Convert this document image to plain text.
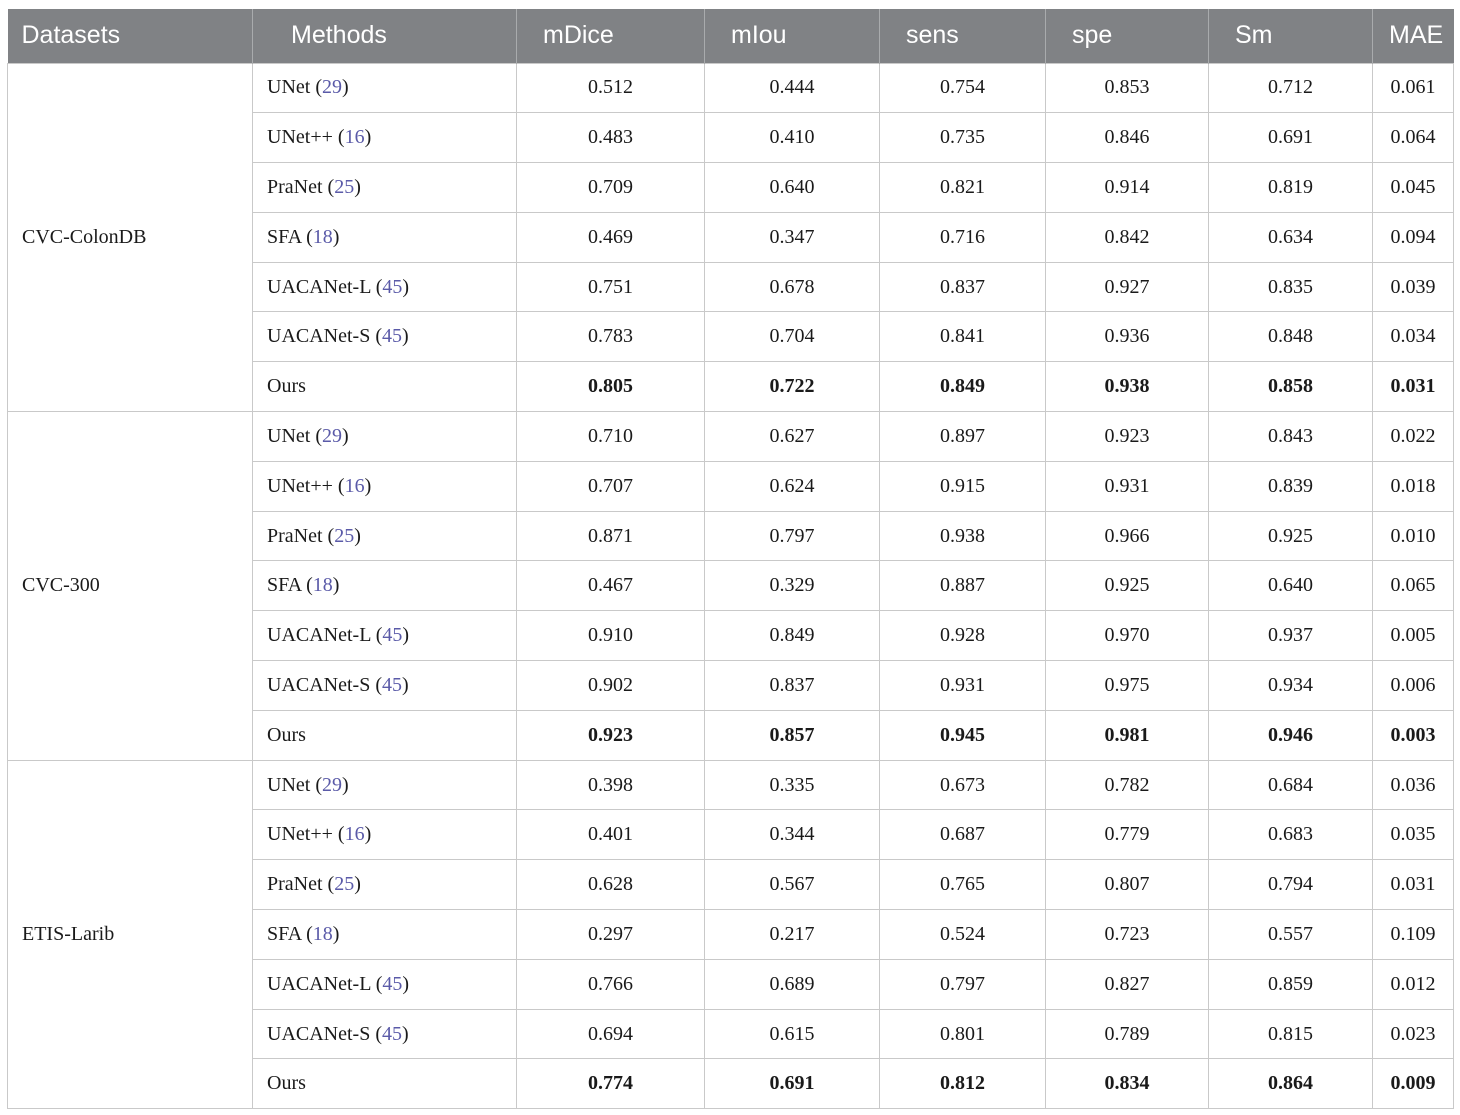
Datasets	Methods	mDice	mIou	sens	spe	Sm	MAE
CVC-ColonDB	UNet (29)	0.512	0.444	0.754	0.853	0.712	0.061
	UNet++ (16)	0.483	0.410	0.735	0.846	0.691	0.064
	PraNet (25)	0.709	0.640	0.821	0.914	0.819	0.045
	SFA (18)	0.469	0.347	0.716	0.842	0.634	0.094
	UACANet-L (45)	0.751	0.678	0.837	0.927	0.835	0.039
	UACANet-S (45)	0.783	0.704	0.841	0.936	0.848	0.034
	Ours	0.805	0.722	0.849	0.938	0.858	0.031
CVC-300	UNet (29)	0.710	0.627	0.897	0.923	0.843	0.022
	UNet++ (16)	0.707	0.624	0.915	0.931	0.839	0.018
	PraNet (25)	0.871	0.797	0.938	0.966	0.925	0.010
	SFA (18)	0.467	0.329	0.887	0.925	0.640	0.065
	UACANet-L (45)	0.910	0.849	0.928	0.970	0.937	0.005
	UACANet-S (45)	0.902	0.837	0.931	0.975	0.934	0.006
	Ours	0.923	0.857	0.945	0.981	0.946	0.003
ETIS-Larib	UNet (29)	0.398	0.335	0.673	0.782	0.684	0.036
	UNet++ (16)	0.401	0.344	0.687	0.779	0.683	0.035
	PraNet (25)	0.628	0.567	0.765	0.807	0.794	0.031
	SFA (18)	0.297	0.217	0.524	0.723	0.557	0.109
	UACANet-L (45)	0.766	0.689	0.797	0.827	0.859	0.012
	UACANet-S (45)	0.694	0.615	0.801	0.789	0.815	0.023
	Ours	0.774	0.691	0.812	0.834	0.864	0.009
